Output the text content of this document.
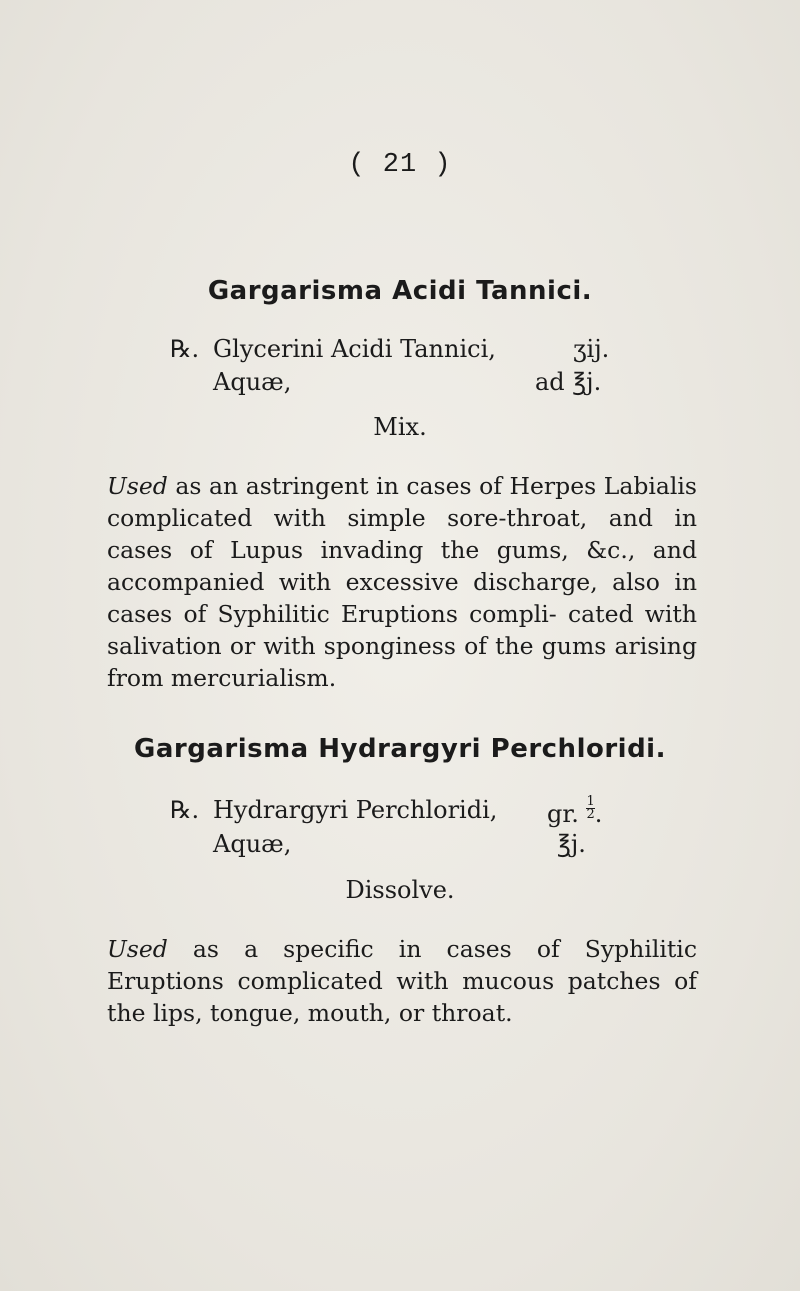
( 21 )
Gargarisma Acidi Tannici.
℞. Glycerini Acidi Tannici,	ʒij.
Aquæ,	ad ℥j.
Mix.
Used as an astringent in cases of Herpes Labialis complicated with simple sore-throat, and in cases of Lupus invading the gums, &c., and accompanied with excessive discharge, also in cases of Syphilitic Eruptions compli- cated with salivation or with sponginess of the gums arising from mercurialism.
Gargarisma Hydrargyri Perchloridi.
℞. Hydrargyri Perchloridi, gr. $\frac{1}{2}$ .
Aquæ,	℥j.
Dissolve.
Used as a specific in cases of Syphilitic Eruptions complicated with mucous patches of the lips, tongue, mouth, or throat.
